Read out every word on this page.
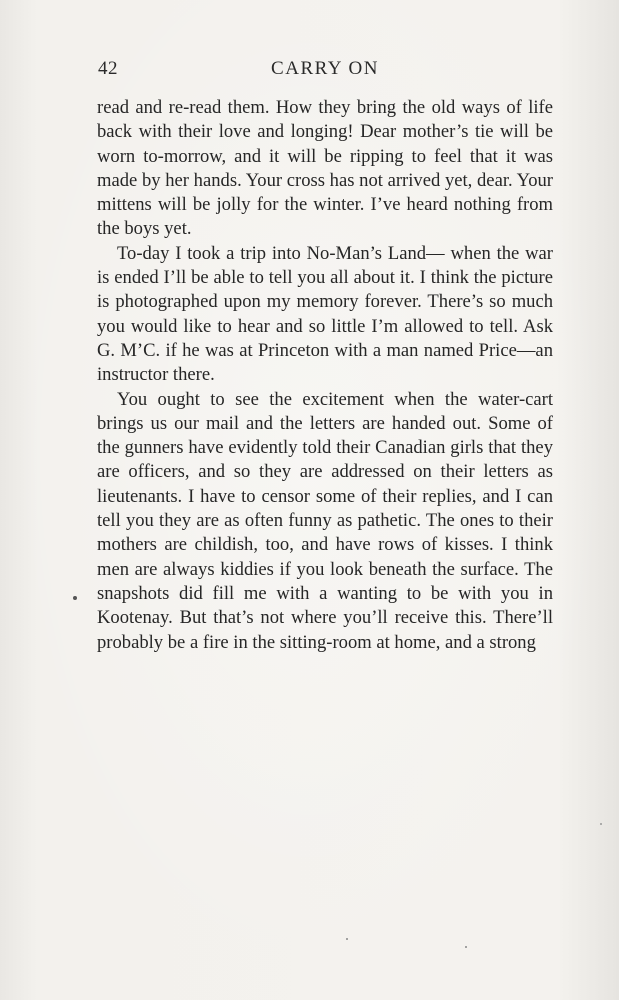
42	CARRY ON

read and re-read them. How they bring the old ways of life back with their love and longing! Dear mother’s tie will be worn to-morrow, and it will be ripping to feel that it was made by her hands. Your cross has not arrived yet, dear. Your mittens will be jolly for the winter. I’ve heard nothing from the boys yet.

To-day I took a trip into No-Man’s Land— when the war is ended I’ll be able to tell you all about it. I think the picture is photographed upon my memory forever. There’s so much you would like to hear and so little I’m allowed to tell. Ask G. M’C. if he was at Princeton with a man named Price—an instructor there.

You ought to see the excitement when the water-cart brings us our mail and the letters are handed out. Some of the gunners have evidently told their Canadian girls that they are officers, and so they are addressed on their letters as lieutenants. I have to censor some of their replies, and I can tell you they are as often funny as pathetic. The ones to their mothers are childish, too, and have rows of kisses. I think men are always kiddies if you look beneath the surface. The snapshots did fill me with a wanting to be with you in Kootenay. But that’s not where you’ll receive this. There’ll probably be a fire in the sitting-room at home, and a strong
